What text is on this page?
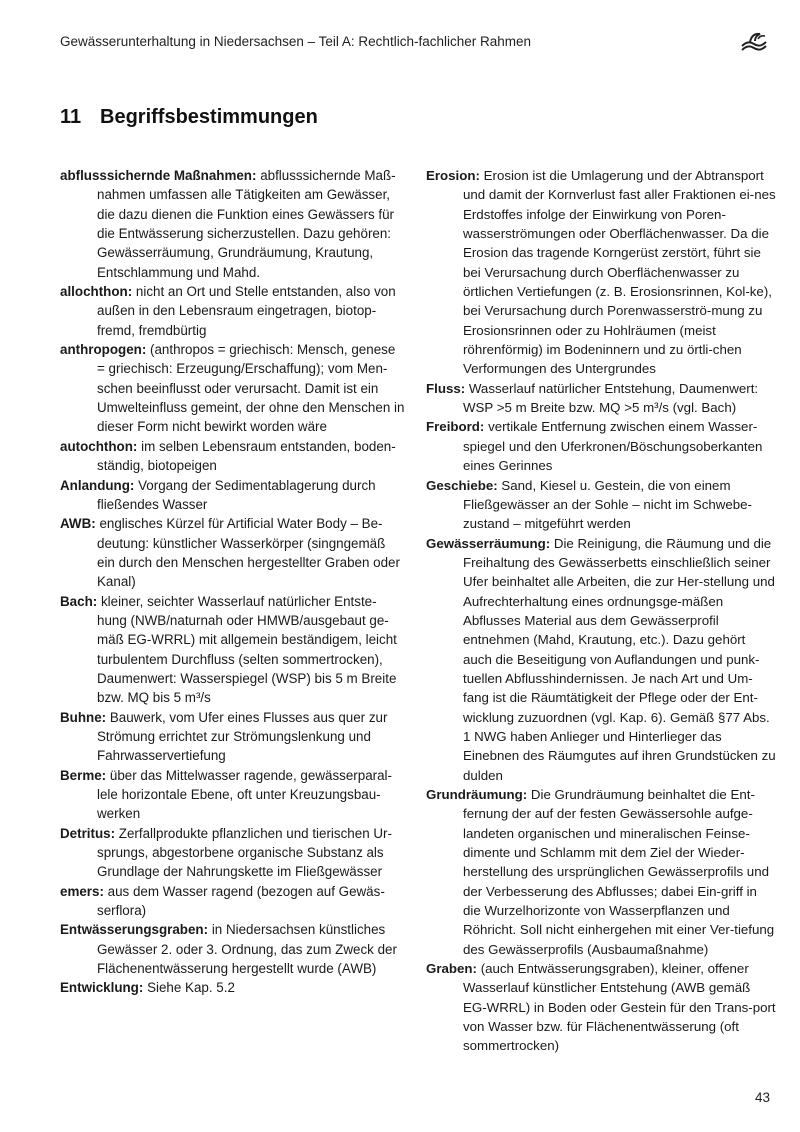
Gewässerunterhaltung in Niedersachsen – Teil A: Rechtlich-fachlicher Rahmen
11 Begriffsbestimmungen

abflusssichernde Maßnahmen: abflusssichernde Maß-nahmen umfassen alle Tätigkeiten am Gewässer, die dazu dienen die Funktion eines Gewässers für die Entwässerung sicherzustellen. Dazu gehören: Gewässerräumung, Grundräumung, Krautung, Entschlammung und Mahd.

allochthon: nicht an Ort und Stelle entstanden, also von außen in den Lebensraum eingetragen, biotop-fremd, fremdbürtig

anthropogen: (anthropos = griechisch: Mensch, genese = griechisch: Erzeugung/Erschaffung); vom Men-schen beeinflusst oder verursacht. Damit ist ein Umwelteinfluss gemeint, der ohne den Menschen in dieser Form nicht bewirkt worden wäre

autochthon: im selben Lebensraum entstanden, boden-ständig, biotopeigen

Anlandung: Vorgang der Sedimentablagerung durch fließendes Wasser

AWB: englisches Kürzel für Artificial Water Body – Be-deutung: künstlicher Wasserkörper (singngemäß ein durch den Menschen hergestellter Graben oder Kanal)

Bach: kleiner, seichter Wasserlauf natürlicher Entste-hung (NWB/naturnah oder HMWB/ausgebaut ge-mäß EG-WRRL) mit allgemein beständigem, leicht turbulentem Durchfluss (selten sommertrocken), Daumenwert: Wasserspiegel (WSP) bis 5 m Breite bzw. MQ bis 5 m³/s

Buhne: Bauwerk, vom Ufer eines Flusses aus quer zur Strömung errichtet zur Strömungslenkung und Fahrwasservertiefung

Berme: über das Mittelwasser ragende, gewässerparal-lele horizontale Ebene, oft unter Kreuzungsbau-werken

Detritus: Zerfallprodukte pflanzlichen und tierischen Ur-sprungs, abgestorbene organische Substanz als Grundlage der Nahrungskette im Fließgewässer

emers: aus dem Wasser ragend (bezogen auf Gewäs-serflora)

Entwässerungsgraben: in Niedersachsen künstliches Gewässer 2. oder 3. Ordnung, das zum Zweck der Flächenentwässerung hergestellt wurde (AWB)

Entwicklung: Siehe Kap. 5.2

Erosion: Erosion ist die Umlagerung und der Abtransport und damit der Kornverlust fast aller Fraktionen ei-nes Erdstoffes infolge der Einwirkung von Poren-wasserströmungen oder Oberflächenwasser. Da die Erosion das tragende Korngerüst zerstört, führt sie bei Verursachung durch Oberflächenwasser zu örtlichen Vertiefungen (z. B. Erosionsrinnen, Kol-ke), bei Verursachung durch Porenwasserströ-mung zu Erosionsrinnen oder zu Hohlräumen (meist röhrenförmig) im Bodeninnern und zu örtli-chen Verformungen des Untergrundes

Fluss: Wasserlauf natürlicher Entstehung, Daumenwert: WSP >5 m Breite bzw. MQ >5 m³/s (vgl. Bach)

Freibord: vertikale Entfernung zwischen einem Wasser-spiegel und den Uferkronen/Böschungsoberkanten eines Gerinnes

Geschiebe: Sand, Kiesel u. Gestein, die von einem Fließgewässer an der Sohle – nicht im Schwebe-zustand – mitgeführt werden

Gewässerräumung: Die Reinigung, die Räumung und die Freihaltung des Gewässerbetts einschließlich seiner Ufer beinhaltet alle Arbeiten, die zur Her-stellung und Aufrechterhaltung eines ordnungsge-mäßen Abflusses Material aus dem Gewässerprofil entnehmen (Mahd, Krautung, etc.). Dazu gehört auch die Beseitigung von Auflandungen und punk-tuellen Abflusshindernissen. Je nach Art und Um-fang ist die Räumtätigkeit der Pflege oder der Ent-wicklung zuzuordnen (vgl. Kap. 6). Gemäß §77 Abs. 1 NWG haben Anlieger und Hinterlieger das Einebnen des Räumgutes auf ihren Grundstücken zu dulden

Grundräumung: Die Grundräumung beinhaltet die Ent-fernung der auf der festen Gewässersohle aufge-landeten organischen und mineralischen Feinse-dimente und Schlamm mit dem Ziel der Wieder-herstellung des ursprünglichen Gewässerprofils und der Verbesserung des Abflusses; dabei Ein-griff in die Wurzelhorizonte von Wasserpflanzen und Röhricht. Soll nicht einhergehen mit einer Ver-tiefung des Gewässerprofils (Ausbaumaßnahme)

Graben: (auch Entwässerungsgraben), kleiner, offener Wasserlauf künstlicher Entstehung (AWB gemäß EG-WRRL) in Boden oder Gestein für den Trans-port von Wasser bzw. für Flächenentwässerung (oft sommertrocken)

43
